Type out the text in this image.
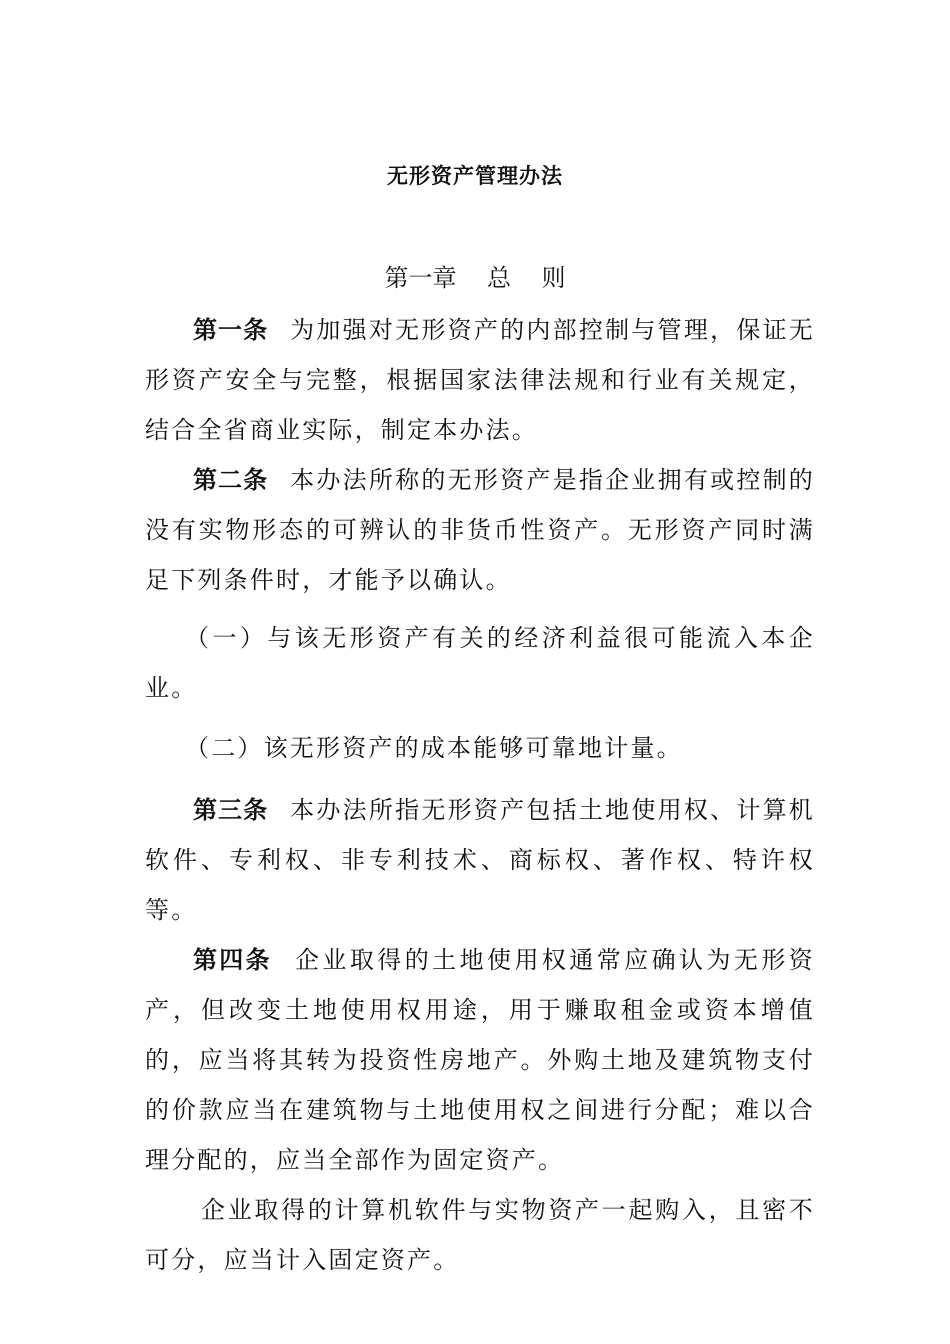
无形资产管理办法
第一章    总    则

第一条 为加强对无形资产的内部控制与管理，保证无形资产安全与完整，根据国家法律法规和行业有关规定，结合全省商业实际，制定本办法。

第二条 本办法所称的无形资产是指企业拥有或控制的没有实物形态的可辨认的非货币性资产。无形资产同时满足下列条件时，才能予以确认。

（一）与该无形资产有关的经济利益很可能流入本企业。

（二）该无形资产的成本能够可靠地计量。

第三条 本办法所指无形资产包括土地使用权、计算机软件、专利权、非专利技术、商标权、著作权、特许权等。

第四条 企业取得的土地使用权通常应确认为无形资产，但改变土地使用权用途，用于赚取租金或资本增值的，应当将其转为投资性房地产。外购土地及建筑物支付的价款应当在建筑物与土地使用权之间进行分配；难以合理分配的，应当全部作为固定资产。

企业取得的计算机软件与实物资产一起购入，且密不可分，应当计入固定资产。
